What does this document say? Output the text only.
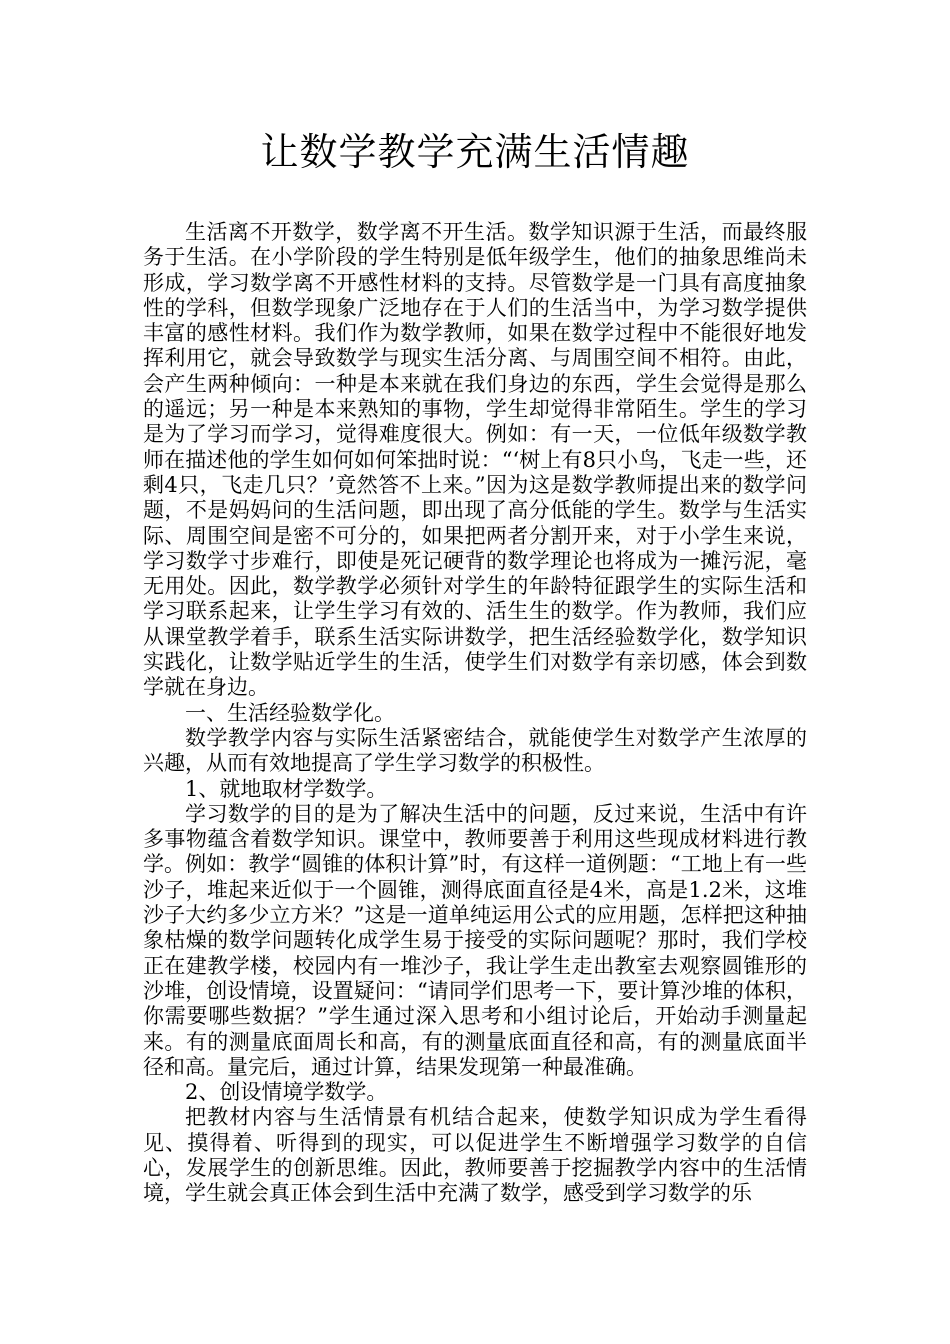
让数学教学充满生活情趣

生活离不开数学，数学离不开生活。数学知识源于生活，而最终服务于生活。在小学阶段的学生特别是低年级学生，他们的抽象思维尚未形成，学习数学离不开感性材料的支持。尽管数学是一门具有高度抽象性的学科，但数学现象广泛地存在于人们的生活当中，为学习数学提供丰富的感性材料。我们作为数学教师，如果在数学过程中不能很好地发挥利用它，就会导致数学与现实生活分离、与周围空间不相符。由此，会产生两种倾向：一种是本来就在我们身边的东西，学生会觉得是那么的遥远；另一种是本来熟知的事物，学生却觉得非常陌生。学生的学习是为了学习而学习，觉得难度很大。例如：有一天，一位低年级数学教师在描述他的学生如何如何笨拙时说：“‘树上有8只小鸟，飞走一些，还剩4只，飞走几只？’竟然答不上来。”因为这是数学教师提出来的数学问题，不是妈妈问的生活问题，即出现了高分低能的学生。数学与生活实际、周围空间是密不可分的，如果把两者分割开来，对于小学生来说，学习数学寸步难行，即使是死记硬背的数学理论也将成为一摊污泥，毫无用处。因此，数学教学必须针对学生的年龄特征跟学生的实际生活和学习联系起来，让学生学习有效的、活生生的数学。作为教师，我们应从课堂教学着手，联系生活实际讲数学，把生活经验数学化，数学知识实践化，让数学贴近学生的生活，使学生们对数学有亲切感，体会到数学就在身边。

一、生活经验数学化。

数学教学内容与实际生活紧密结合，就能使学生对数学产生浓厚的兴趣，从而有效地提高了学生学习数学的积极性。

1、就地取材学数学。

学习数学的目的是为了解决生活中的问题，反过来说，生活中有许多事物蕴含着数学知识。课堂中，教师要善于利用这些现成材料进行教学。例如：教学“圆锥的体积计算”时，有这样一道例题：“工地上有一些沙子，堆起来近似于一个圆锥，测得底面直径是4米，高是1.2米，这堆沙子大约多少立方米？”这是一道单纯运用公式的应用题，怎样把这种抽象枯燥的数学问题转化成学生易于接受的实际问题呢？那时，我们学校正在建教学楼，校园内有一堆沙子，我让学生走出教室去观察圆锥形的沙堆，创设情境，设置疑问：“请同学们思考一下，要计算沙堆的体积，你需要哪些数据？”学生通过深入思考和小组讨论后，开始动手测量起来。有的测量底面周长和高，有的测量底面直径和高，有的测量底面半径和高。量完后，通过计算，结果发现第一种最准确。

2、创设情境学数学。

把教材内容与生活情景有机结合起来，使数学知识成为学生看得见、摸得着、听得到的现实，可以促进学生不断增强学习数学的自信心，发展学生的创新思维。因此，教师要善于挖掘教学内容中的生活情境，学生就会真正体会到生活中充满了数学，感受到学习数学的乐
